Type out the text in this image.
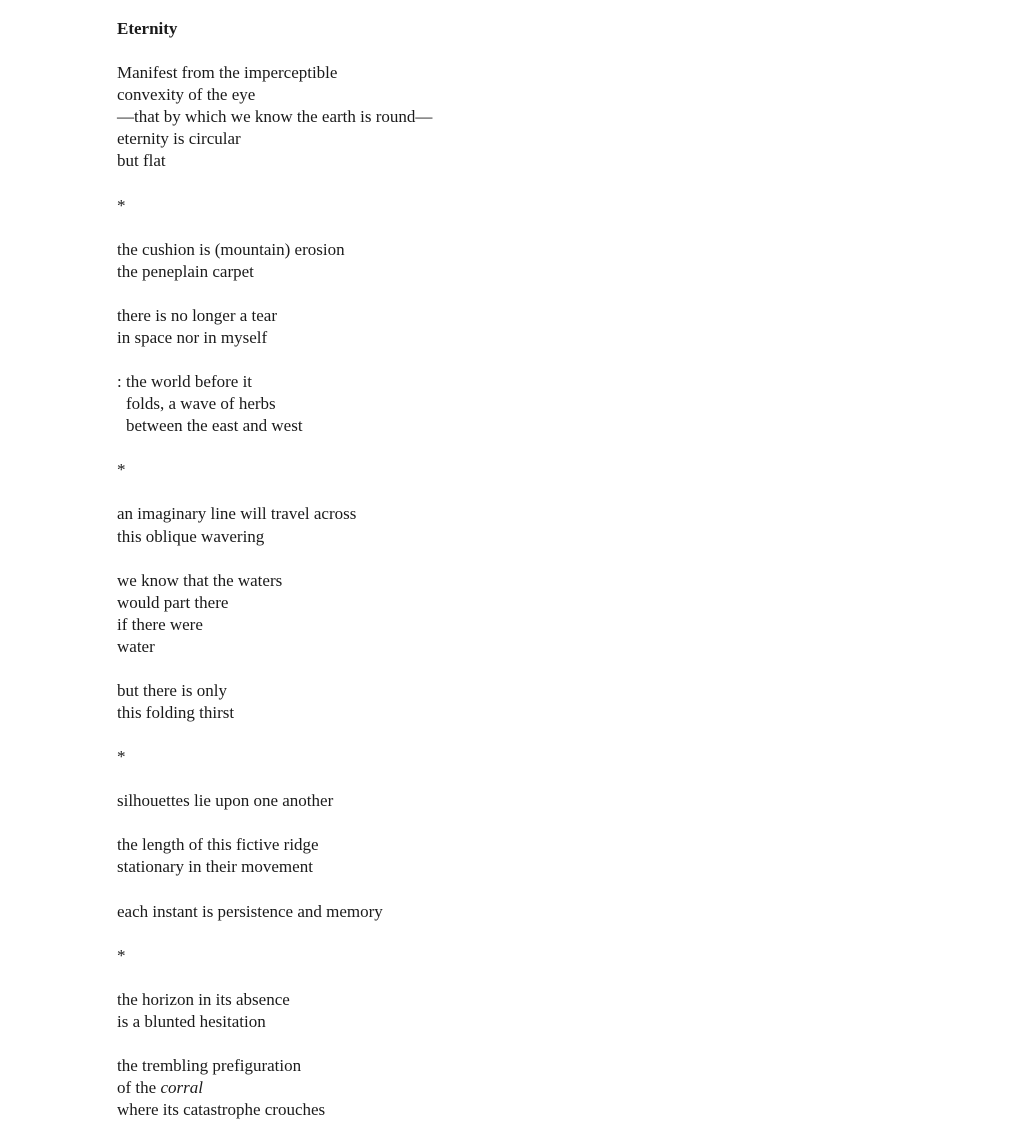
Eternity
Manifest from the imperceptible
convexity of the eye
—that by which we know the earth is round—
eternity is circular
but flat
*
the cushion is (mountain) erosion
the peneplain carpet
there is no longer a tear
in space nor in myself
: the world before it
folds, a wave of herbs
between the east and west
*
an imaginary line will travel across
this oblique wavering
we know that the waters
would part there
if there were
water
but there is only
this folding thirst
*
silhouettes lie upon one another
the length of this fictive ridge
stationary in their movement
each instant is persistence and memory
*
the horizon in its absence
is a blunted hesitation
the trembling prefiguration
of the corral
where its catastrophe crouches
